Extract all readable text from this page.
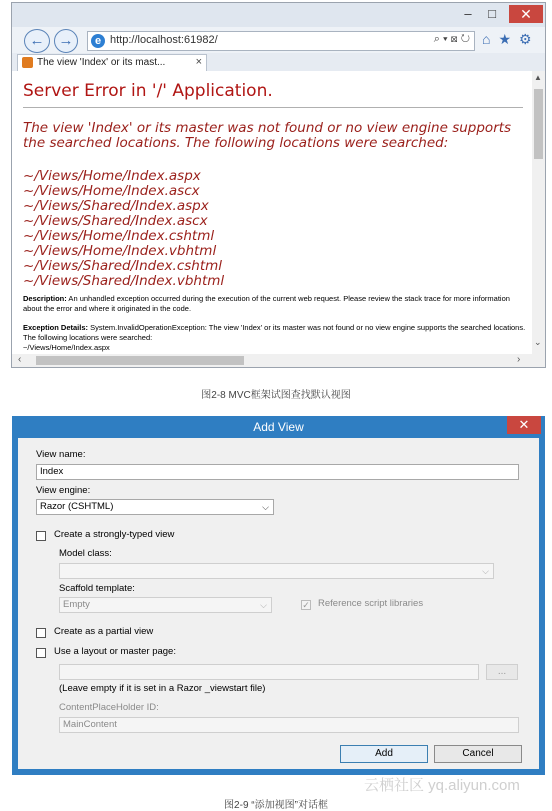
–	□	✕
← →	e http://localhost:61982/	⌕ ▾ ⊠ ↻ ⌂★⚙
The view 'Index' or its mast...	×
Server Error in '/' Application.
The view 'Index' or its master was not found or no view engine supports the searched locations. The following locations were searched:
~/Views/Home/Index.aspx
~/Views/Home/Index.ascx
~/Views/Shared/Index.aspx
~/Views/Shared/Index.ascx
~/Views/Home/Index.cshtml
~/Views/Home/Index.vbhtml
~/Views/Shared/Index.cshtml
~/Views/Shared/Index.vbhtml
Description: An unhandled exception occurred during the execution of the current web request. Please review the stack trace for more information about the error and where it originated in the code.
Exception Details: System.InvalidOperationException: The view 'Index' or its master was not found or no view engine supports the searched locations. The following locations were searched:
~/Views/Home/Index.aspx
▲
⌄
‹	›
图2-8 MVC框架试图查找默认视图
Add View	✕
View name:
Index
View engine:
Razor (CSHTML)	⌵
Create a strongly-typed view
Model class:
⌵
Scaffold template:
Empty	⌵	✓ Reference script libraries
Create as a partial view
Use a layout or master page:
...
(Leave empty if it is set in a Razor _viewstart file)
ContentPlaceHolder ID:
MainContent
Add	Cancel
云栖社区 yq.aliyun.com
图2-9 “添加视图”对话框
